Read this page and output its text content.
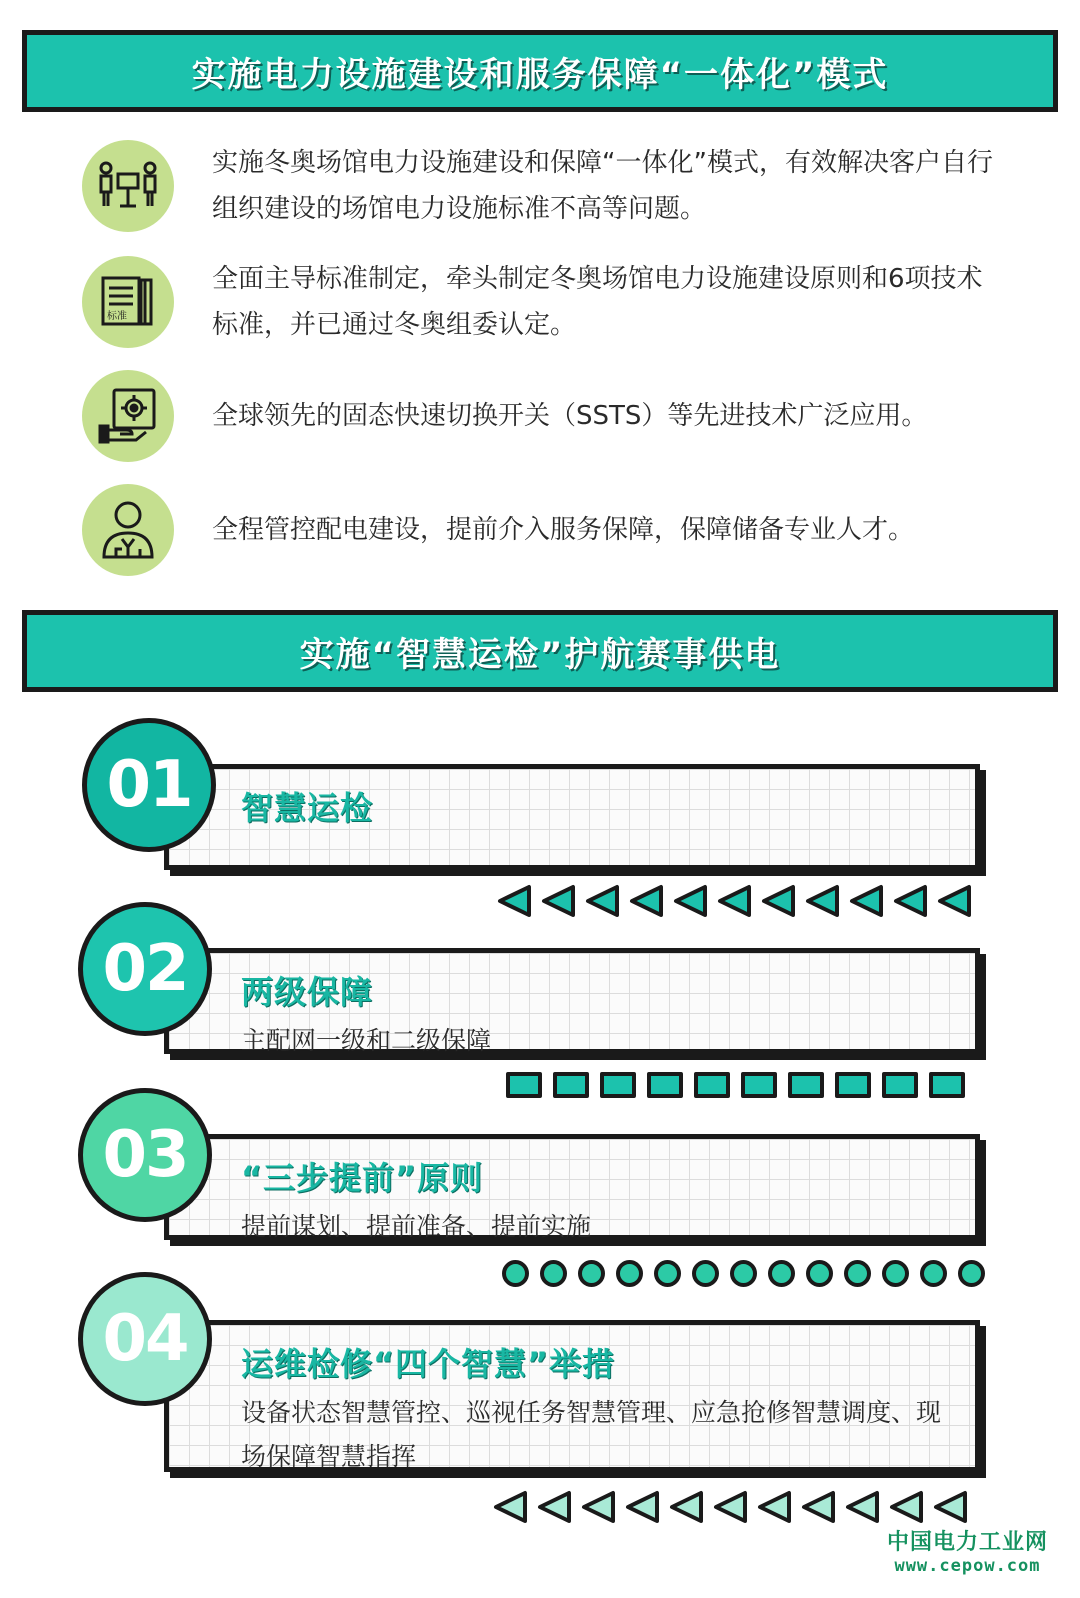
实施电力设施建设和服务保障“一体化”模式
实施冬奥场馆电力设施建设和保障“一体化”模式，有效解决客户自行组织建设的场馆电力设施标准不高等问题。
标准
全面主导标准制定，牵头制定冬奥场馆电力设施建设原则和6项技术标准，并已通过冬奥组委认定。
全球领先的固态快速切换开关（SSTS）等先进技术广泛应用。
全程管控配电建设，提前介入服务保障，保障储备专业人才。
实施“智慧运检”护航赛事供电
智慧运检
01
两级保障
主配网一级和二级保障
02
“三步提前”原则
提前谋划、提前准备、提前实施
03
运维检修“四个智慧”举措
设备状态智慧管控、巡视任务智慧管理、应急抢修智慧调度、现场保障智慧指挥
04
中国电力工业网
www.cepow.com
